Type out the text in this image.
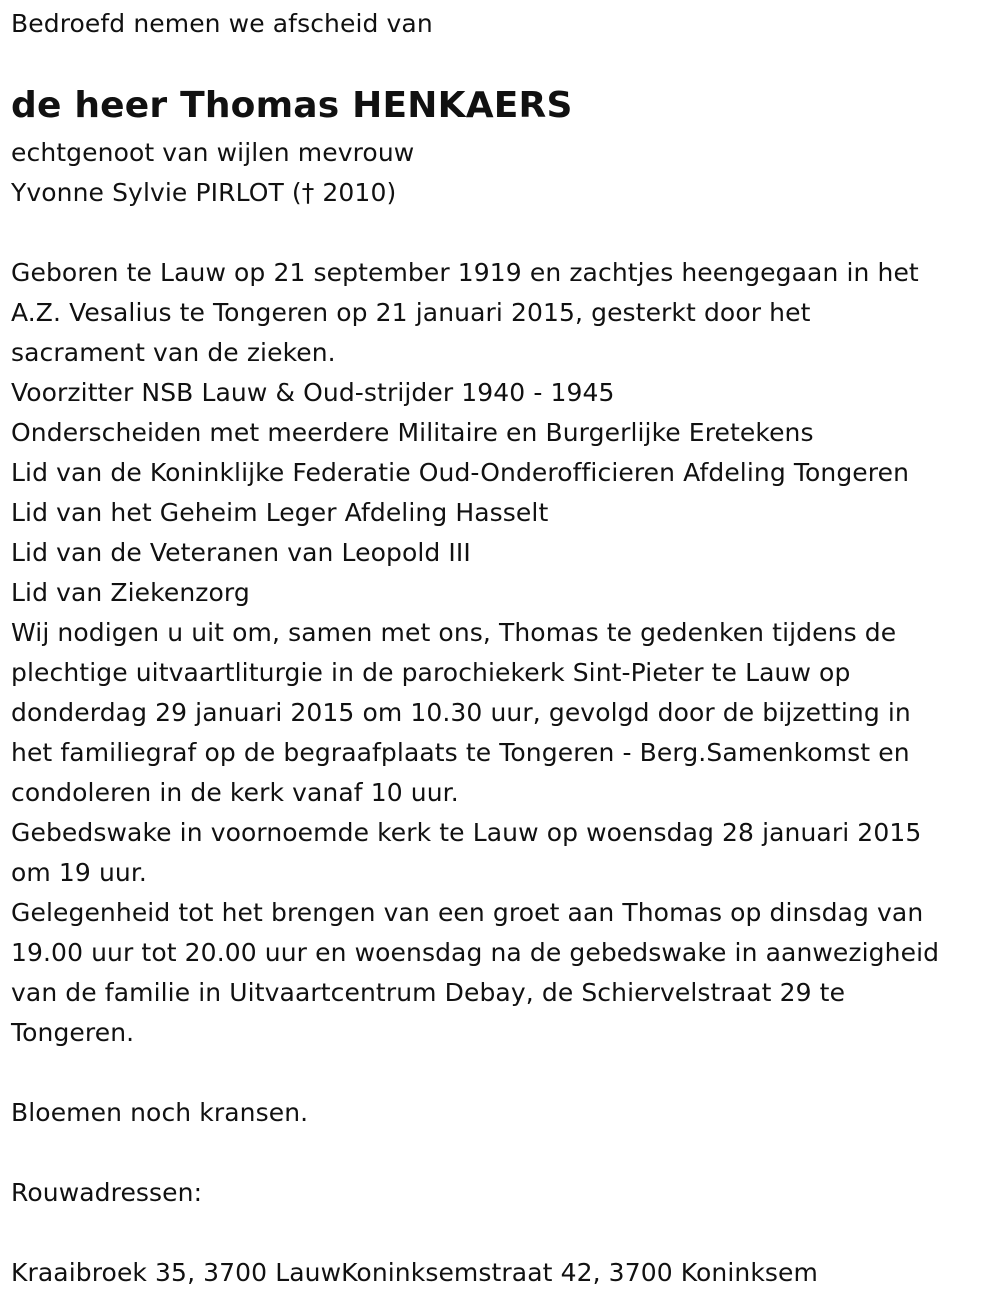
Bedroefd nemen we afscheid van
de heer Thomas HENKAERS
echtgenoot van wijlen mevrouw
Yvonne Sylvie PIRLOT († 2010)
Geboren te Lauw op 21 september 1919 en zachtjes heengegaan in het
A.Z. Vesalius te Tongeren op 21 januari 2015, gesterkt door het
sacrament van de zieken.
Voorzitter NSB Lauw & Oud-strijder 1940 - 1945
Onderscheiden met meerdere Militaire en Burgerlijke Eretekens
Lid van de Koninklijke Federatie Oud-Onderofficieren Afdeling Tongeren
Lid van het Geheim Leger Afdeling Hasselt
Lid van de Veteranen van Leopold III
Lid van Ziekenzorg
Wij nodigen u uit om, samen met ons, Thomas te gedenken tijdens de
plechtige uitvaartliturgie in de parochiekerk Sint-Pieter te Lauw op
donderdag 29 januari 2015 om 10.30 uur, gevolgd door de bijzetting in
het familiegraf op de begraafplaats te Tongeren - Berg.Samenkomst en
condoleren in de kerk vanaf 10 uur.
Gebedswake in voornoemde kerk te Lauw op woensdag 28 januari 2015
om 19 uur.
Gelegenheid tot het brengen van een groet aan Thomas op dinsdag van
19.00 uur tot 20.00 uur en woensdag na de gebedswake in aanwezigheid
van de familie in Uitvaartcentrum Debay, de Schiervelstraat 29 te
Tongeren.
Bloemen noch kransen.
Rouwadressen:
Kraaibroek 35, 3700 LauwKoninksemstraat 42, 3700 Koninksem
